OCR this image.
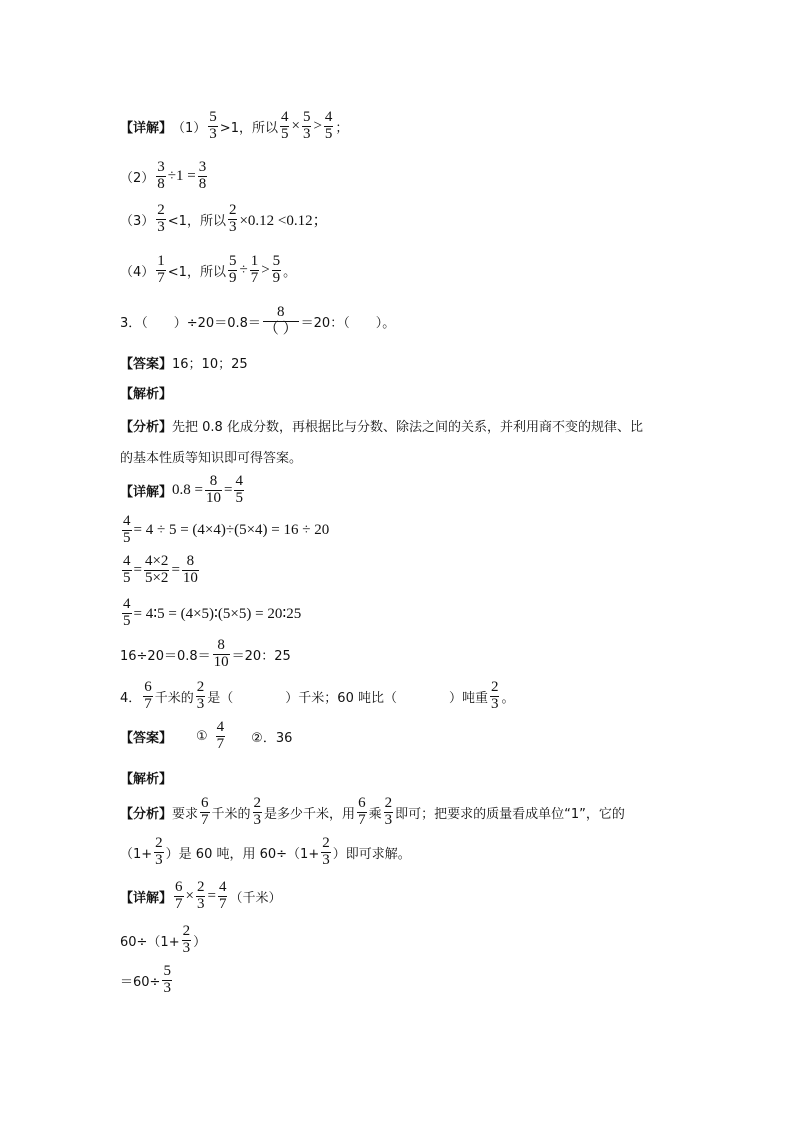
【详解】 $(1) \frac{5}{3} >1$，所以 $\frac{4}{5} \times \frac{5}{3} > \frac{4}{5}$ ；
$(2) \frac{3}{8} \div 1 = \frac{3}{8}$
$(3) \frac{2}{3} <1$，所以 $\frac{2}{3} \times 0.12 <0.12$；
$(4) \frac{1}{7} <1$，所以 $\frac{5}{9} \div \frac{1}{7} > \frac{5}{9}$ 。
3．（　　）$\div 20=0.8= \frac{8}{( )} =20$：（　　）。
【答案】 16；10；25
【解析】
【分析】 先把 0.8 化成分数，再根据比与分数、除法之间的关系，并利用商不变的规律、比
的基本性质等知识即可得答案。
【详解】 $0.8 = \frac{8}{10} = \frac{4}{5}$
$\frac{4}{5} = 4 \div 5 = (4\times 4)\div(5\times 4) = 16 \div 20$
$\frac{4}{5} = \frac{4\times 2}{5\times 2} = \frac{8}{10}$
$\frac{4}{5}$ = 4∶5 = (4×5)∶(5×5) = 20∶25
$16\div 20=0.8= \frac{8}{10} =20$：25
4． $\frac{6}{7}$ 千米的 $\frac{2}{3}$ 是（　　　　）千米；60 吨比（　　　　）吨重 $\frac{2}{3}$ 。
【答案】 ① $\frac{4}{7}$ ②．36
【解析】
【分析】 要求 $\frac{6}{7}$ 千米的 $\frac{2}{3}$ 是多少千米，用 $\frac{6}{7}$ 乘 $\frac{2}{3}$ 即可；把要求的质量看成单位“1”，它的
（$1+ \frac{2}{3}$ ）是 60 吨，用 $60\div(1+ \frac{2}{3}$ ）即可求解。
【详解】 $\frac{6}{7} \times \frac{2}{3} = \frac{4}{7}$ （千米）
$60\div(1+ \frac{2}{3}$ ）
$=60\div \frac{5}{3}$
